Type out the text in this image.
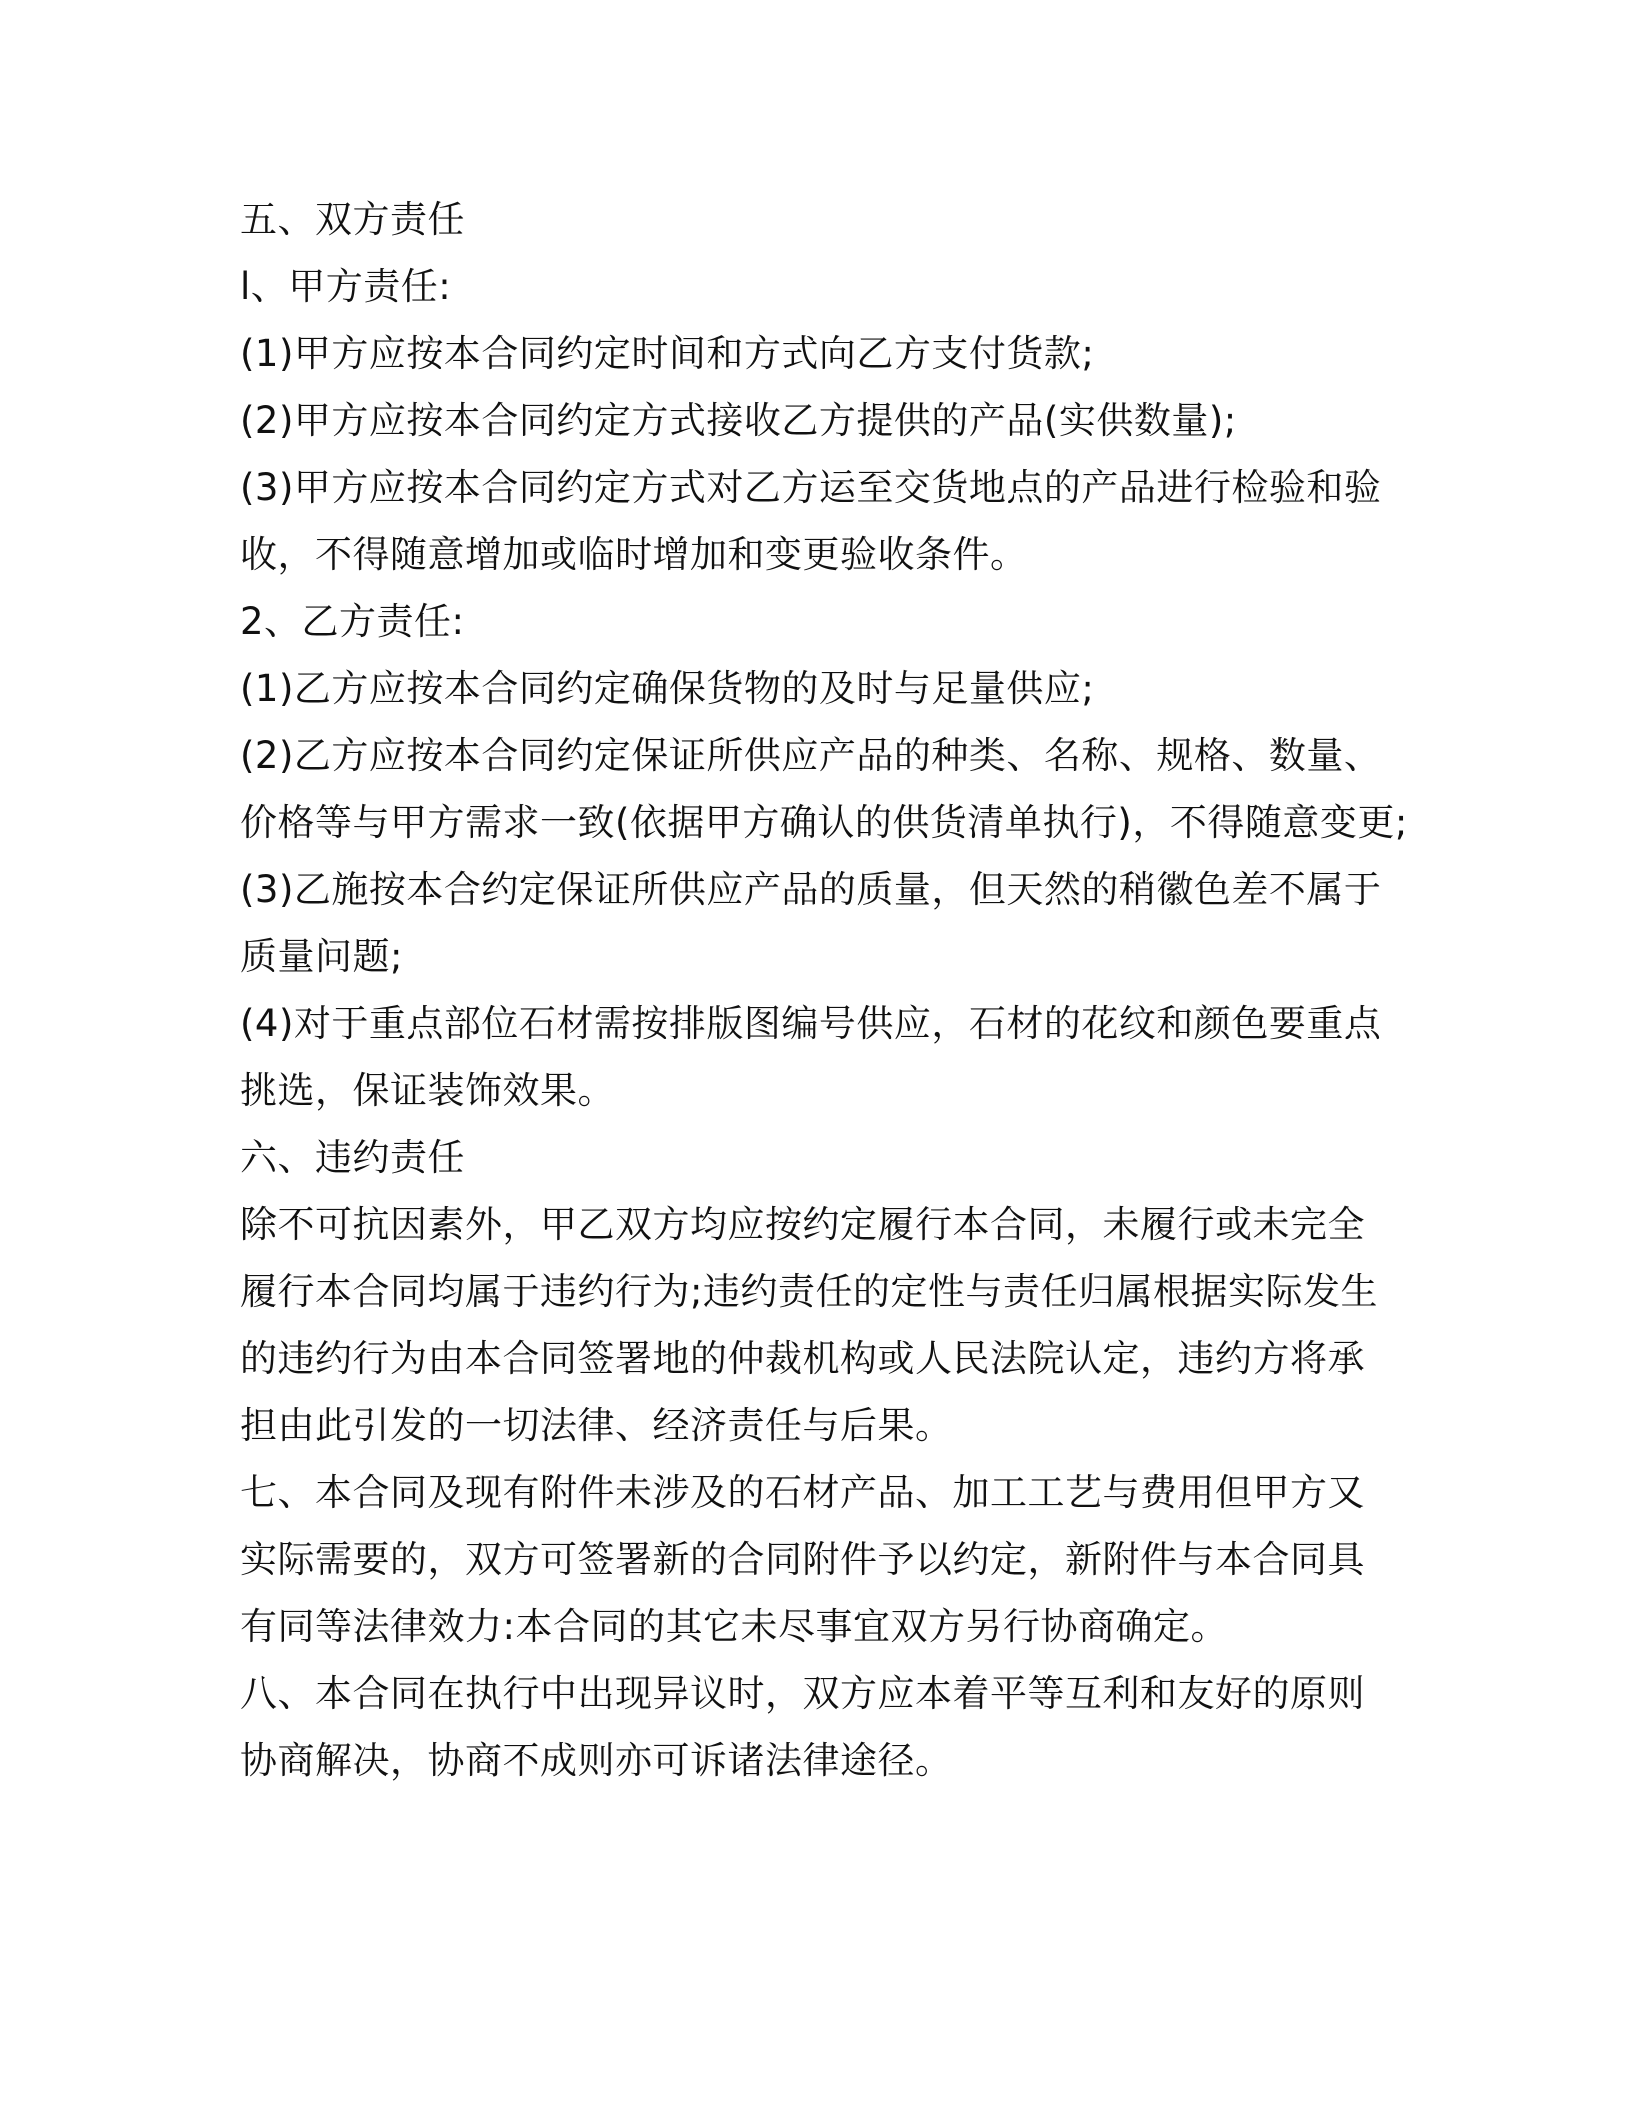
五、双方责任
l、甲方责任:
(1)甲方应按本合同约定时间和方式向乙方支付货款;
(2)甲方应按本合同约定方式接收乙方提供的产品(实供数量);
(3)甲方应按本合同约定方式对乙方运至交货地点的产品进行检验和验
收，不得随意增加或临时增加和变更验收条件。
2、乙方责任:
(1)乙方应按本合同约定确保货物的及时与足量供应;
(2)乙方应按本合同约定保证所供应产品的种类、名称、规格、数量、
价格等与甲方需求一致(依据甲方确认的供货清单执行)，不得随意变更;
(3)乙施按本合约定保证所供应产品的质量，但天然的稍徽色差不属于
质量问题;
(4)对于重点部位石材需按排版图编号供应，石材的花纹和颜色要重点
挑选，保证装饰效果。
六、违约责任
除不可抗因素外，甲乙双方均应按约定履行本合同，未履行或未完全
履行本合同均属于违约行为;违约责任的定性与责任归属根据实际发生
的违约行为由本合同签署地的仲裁机构或人民法院认定，违约方将承
担由此引发的一切法律、经济责任与后果。
七、本合同及现有附件未涉及的石材产品、加工工艺与费用但甲方又
实际需要的，双方可签署新的合同附件予以约定，新附件与本合同具
有同等法律效力:本合同的其它未尽事宜双方另行协商确定。
八、本合同在执行中出现异议时，双方应本着平等互利和友好的原则
协商解决，协商不成则亦可诉诸法律途径。
